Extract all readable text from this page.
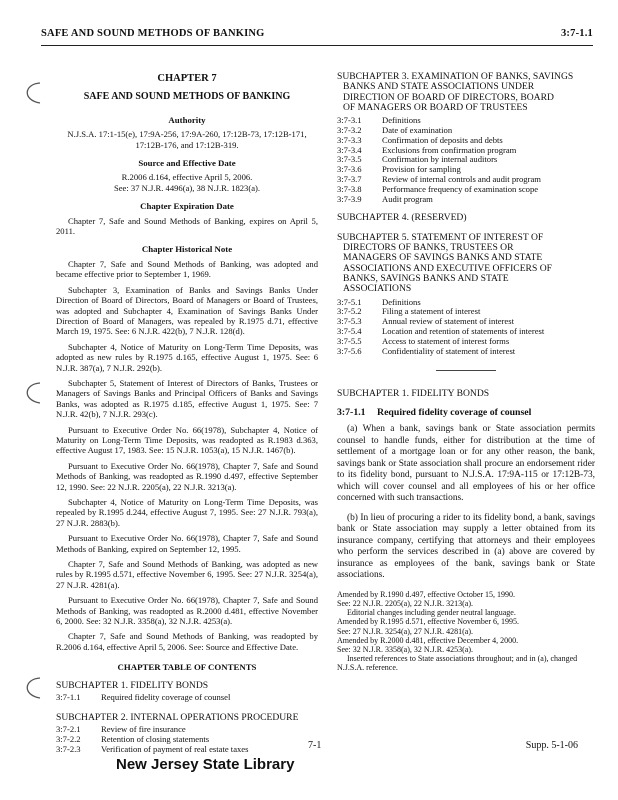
SAFE AND SOUND METHODS OF BANKING	3:7-1.1
CHAPTER 7
SAFE AND SOUND METHODS OF BANKING
Authority
N.J.S.A. 17:1-15(e), 17:9A-256, 17:9A-260, 17:12B-73, 17:12B-171, 17:12B-176, and 17:12B-319.
Source and Effective Date
R.2006 d.164, effective April 5, 2006.
See: 37 N.J.R. 4496(a), 38 N.J.R. 1823(a).
Chapter Expiration Date
Chapter 7, Safe and Sound Methods of Banking, expires on April 5, 2011.
Chapter Historical Note

Chapter 7, Safe and Sound Methods of Banking, was adopted and became effective prior to September 1, 1969.

Subchapter 3, Examination of Banks and Savings Banks Under Direction of Board of Directors, Board of Managers or Board of Trustees, was adopted and Subchapter 4, Examination of Savings Banks Under Direction of Board of Managers, was repealed by R.1975 d.71, effective March 19, 1975. See: 6 N.J.R. 422(b), 7 N.J.R. 128(d).

Subchapter 4, Notice of Maturity on Long-Term Time Deposits, was adopted as new rules by R.1975 d.165, effective August 1, 1975. See: 6 N.J.R. 387(a), 7 N.J.R. 292(b).

Subchapter 5, Statement of Interest of Directors of Banks, Trustees or Managers of Savings Banks and Principal Officers of Banks and Savings Banks, was adopted as R.1975 d.185, effective August 1, 1975. See: 7 N.J.R. 42(b), 7 N.J.R. 293(c).

Pursuant to Executive Order No. 66(1978), Subchapter 4, Notice of Maturity on Long-Term Time Deposits, was readopted as R.1983 d.363, effective August 17, 1983. See: 15 N.J.R. 1053(a), 15 N.J.R. 1467(b).

Pursuant to Executive Order No. 66(1978), Chapter 7, Safe and Sound Methods of Banking, was readopted as R.1990 d.497, effective September 12, 1990. See: 22 N.J.R. 2205(a), 22 N.J.R. 3213(a).

Subchapter 4, Notice of Maturity on Long-Term Time Deposits, was repealed by R.1995 d.244, effective August 7, 1995. See: 27 N.J.R. 793(a), 27 N.J.R. 2883(b).

Pursuant to Executive Order No. 66(1978), Chapter 7, Safe and Sound Methods of Banking, expired on September 12, 1995.

Chapter 7, Safe and Sound Methods of Banking, was adopted as new rules by R.1995 d.571, effective November 6, 1995. See: 27 N.J.R. 3254(a), 27 N.J.R. 4281(a).

Pursuant to Executive Order No. 66(1978), Chapter 7, Safe and Sound Methods of Banking, was readopted as R.2000 d.481, effective November 6, 2000. See: 32 N.J.R. 3358(a), 32 N.J.R. 4253(a).

Chapter 7, Safe and Sound Methods of Banking, was readopted by R.2006 d.164, effective April 5, 2006. See: Source and Effective Date.

CHAPTER TABLE OF CONTENTS
SUBCHAPTER 1. FIDELITY BONDS
3:7-1.1	Required fidelity coverage of counsel
SUBCHAPTER 2. INTERNAL OPERATIONS PROCEDURE
3:7-2.1	Review of fire insurance
3:7-2.2	Retention of closing statements
3:7-2.3	Verification of payment of real estate taxes
SUBCHAPTER 3. EXAMINATION OF BANKS, SAVINGS
BANKS AND STATE ASSOCIATIONS UNDER
DIRECTION OF BOARD OF DIRECTORS, BOARD
OF MANAGERS OR BOARD OF TRUSTEES
3:7-3.1	Definitions
3:7-3.2	Date of examination
3:7-3.3	Confirmation of deposits and debts
3:7-3.4	Exclusions from confirmation program
3:7-3.5	Confirmation by internal auditors
3:7-3.6	Provision for sampling
3:7-3.7	Review of internal controls and audit program
3:7-3.8	Performance frequency of examination scope
3:7-3.9	Audit program
SUBCHAPTER 4. (RESERVED)
SUBCHAPTER 5. STATEMENT OF INTEREST OF
DIRECTORS OF BANKS, TRUSTEES OR
MANAGERS OF SAVINGS BANKS AND STATE
ASSOCIATIONS AND EXECUTIVE OFFICERS OF
BANKS, SAVINGS BANKS AND STATE
ASSOCIATIONS
3:7-5.1	Definitions
3:7-5.2	Filing a statement of interest
3:7-5.3	Annual review of statement of interest
3:7-5.4	Location and retention of statements of interest
3:7-5.5	Access to statement of interest forms
3:7-5.6	Confidentiality of statement of interest
SUBCHAPTER 1. FIDELITY BONDS
3:7-1.1	Required fidelity coverage of counsel

(a) When a bank, savings bank or State association permits counsel to handle funds, either for distribution at the time of settlement of a mortgage loan or for any other reason, the bank, savings bank or State association shall procure an endorsement rider to its fidelity bond, pursuant to N.J.S.A. 17:9A-115 or 17:12B-73, which will cover counsel and all employees of his or her office concerned with such transactions.

(b) In lieu of procuring a rider to its fidelity bond, a bank, savings bank or State association may supply a letter obtained from its insurance company, certifying that attorneys and their employees who perform the services described in (a) above are covered by insurance as employees of the bank, savings bank or State associations.

Amended by R.1990 d.497, effective October 15, 1990.

See: 22 N.J.R. 2205(a), 22 N.J.R. 3213(a).

Editorial changes including gender neutral language.

Amended by R.1995 d.571, effective November 6, 1995.

See: 27 N.J.R. 3254(a), 27 N.J.R. 4281(a).

Amended by R.2000 d.481, effective December 4, 2000.

See: 32 N.J.R. 3358(a), 32 N.J.R. 4253(a).

Inserted references to State associations throughout; and in (a), changed N.J.S.A. reference.

7-1	Supp. 5-1-06
New Jersey State Library
